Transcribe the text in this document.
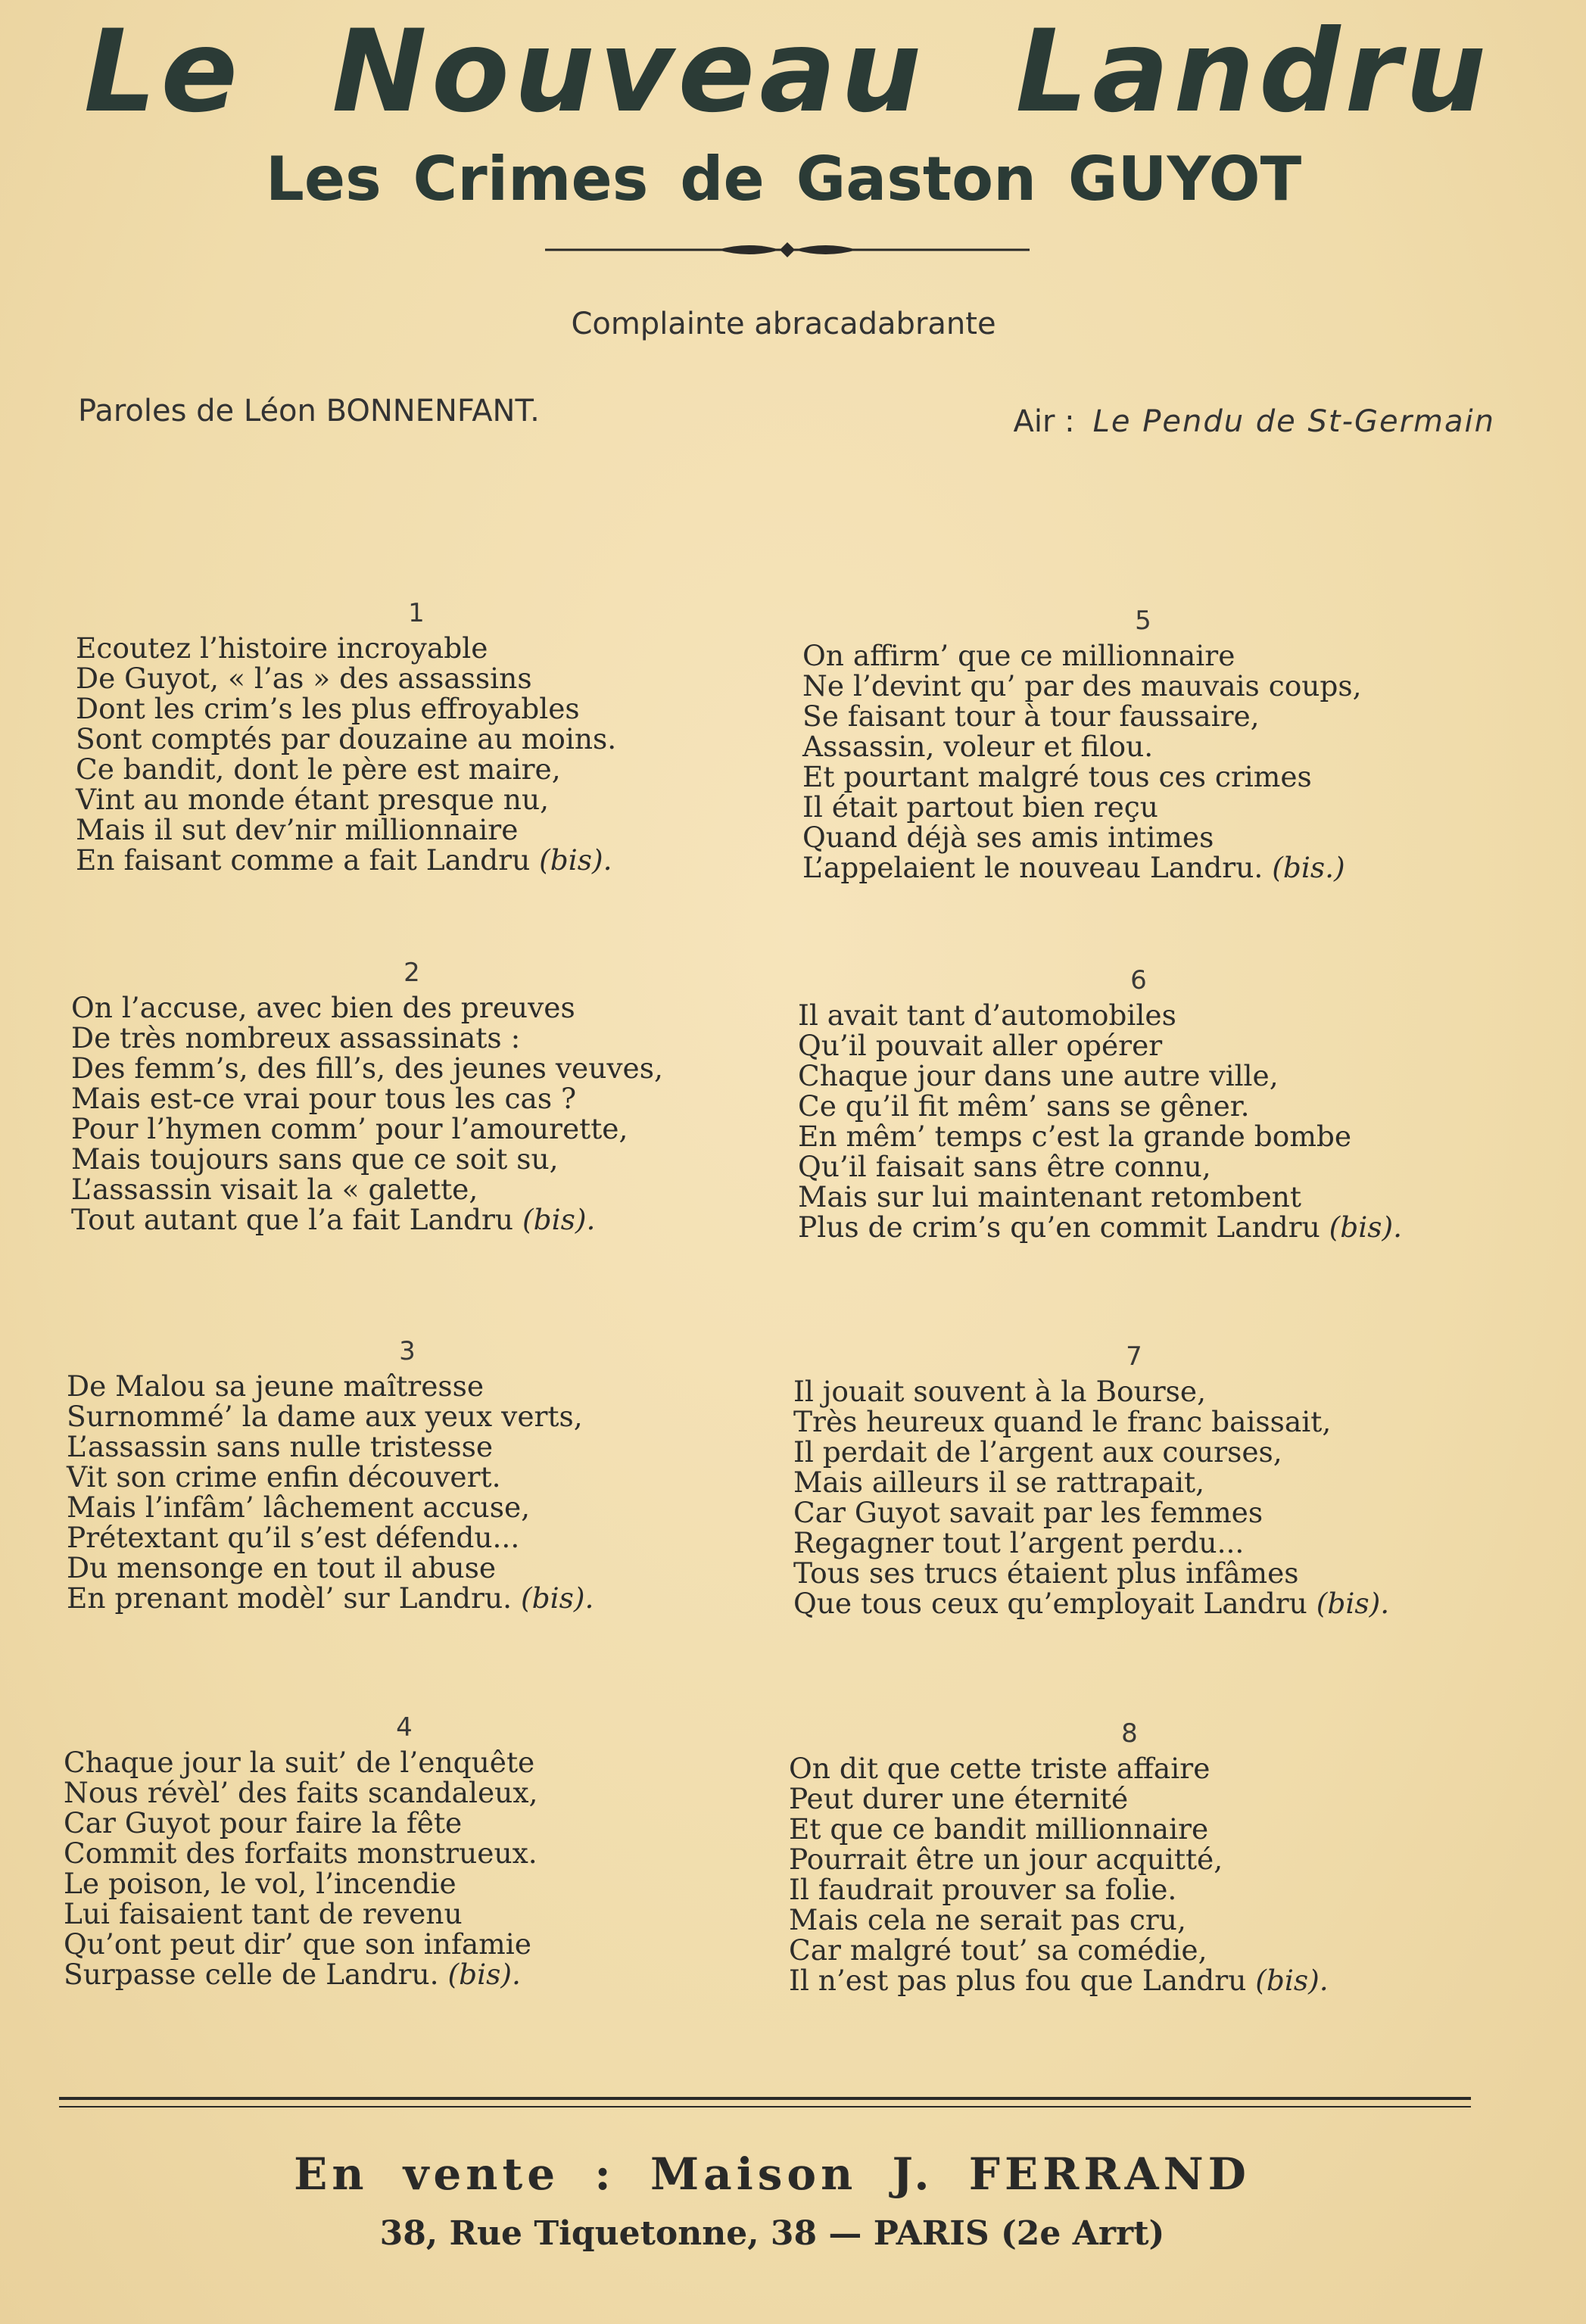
Le Nouveau Landru
Les Crimes de Gaston GUYOT
Complainte abracadabrante
Paroles de Léon BONNENFANT.	Air : Le Pendu de St-Germain
1
Ecoutez l’histoire incroyable
De Guyot, « l’as » des assassins
Dont les crim’s les plus effroyables
Sont comptés par douzaine au moins.
Ce bandit, dont le père est maire,
Vint au monde étant presque nu,
Mais il sut dev’nir millionnaire
En faisant comme a fait Landru (bis).
2
On l’accuse, avec bien des preuves
De très nombreux assassinats :
Des femm’s, des fill’s, des jeunes veuves,
Mais est-ce vrai pour tous les cas ?
Pour l’hymen comm’ pour l’amourette,
Mais toujours sans que ce soit su,
L’assassin visait la « galette,
Tout autant que l’a fait Landru (bis).
3
De Malou sa jeune maîtresse
Surnommé’ la dame aux yeux verts,
L’assassin sans nulle tristesse
Vit son crime enfin découvert.
Mais l’infâm’ lâchement accuse,
Prétextant qu’il s’est défendu...
Du mensonge en tout il abuse
En prenant modèl’ sur Landru. (bis).
4
Chaque jour la suit’ de l’enquête
Nous révèl’ des faits scandaleux,
Car Guyot pour faire la fête
Commit des forfaits monstrueux.
Le poison, le vol, l’incendie
Lui faisaient tant de revenu
Qu’ont peut dir’ que son infamie
Surpasse celle de Landru. (bis).
5
On affirm’ que ce millionnaire
Ne l’devint qu’ par des mauvais coups,
Se faisant tour à tour faussaire,
Assassin, voleur et filou.
Et pourtant malgré tous ces crimes
Il était partout bien reçu
Quand déjà ses amis intimes
L’appelaient le nouveau Landru. (bis.)
6
Il avait tant d’automobiles
Qu’il pouvait aller opérer
Chaque jour dans une autre ville,
Ce qu’il fit mêm’ sans se gêner.
En mêm’ temps c’est la grande bombe
Qu’il faisait sans être connu,
Mais sur lui maintenant retombent
Plus de crim’s qu’en commit Landru (bis).
7
Il jouait souvent à la Bourse,
Très heureux quand le franc baissait,
Il perdait de l’argent aux courses,
Mais ailleurs il se rattrapait,
Car Guyot savait par les femmes
Regagner tout l’argent perdu...
Tous ses trucs étaient plus infâmes
Que tous ceux qu’employait Landru (bis).
8
On dit que cette triste affaire
Peut durer une éternité
Et que ce bandit millionnaire
Pourrait être un jour acquitté,
Il faudrait prouver sa folie.
Mais cela ne serait pas cru,
Car malgré tout’ sa comédie,
Il n’est pas plus fou que Landru (bis).
En vente : Maison J. FERRAND
38, Rue Tiquetonne, 38 — PARIS (2e Arrt)
